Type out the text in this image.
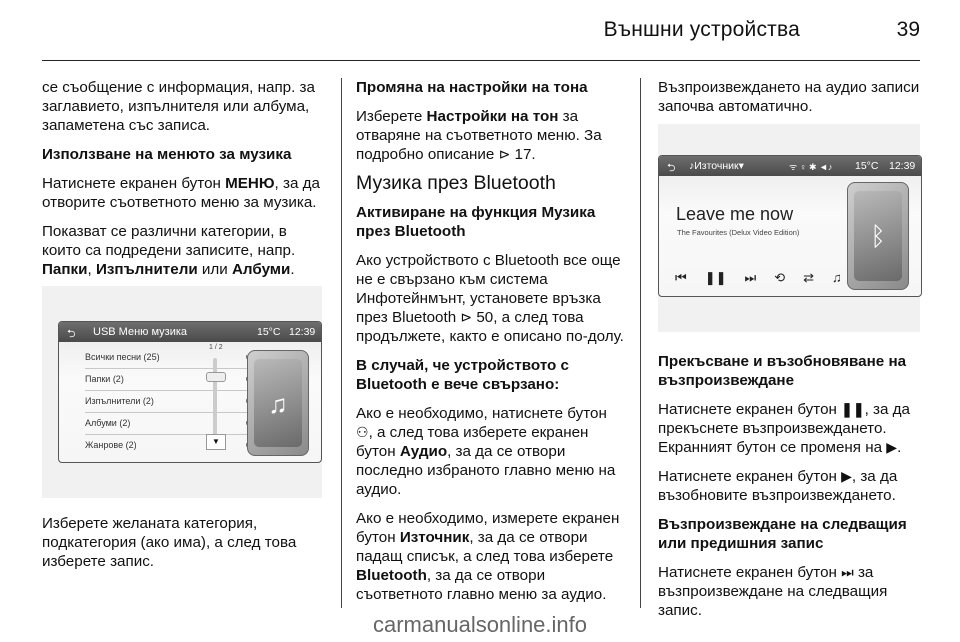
Външни устройства	39

се съобщение с информация, напр. за заглавието, изпълнителя или албума, запаметена със записа.

Използване на менюто за музика

Натиснете екранен бутон МЕНЮ, за да отворите съответното меню за музика.

Показват се различни категории, в които са подредени записите, напр. Папки, Изпълнители или Албуми.

⮌ USB Меню музика	15°C 12:39
1 / 2
Всички песни (25)
Папки (2)
Изпълнители (2)
Албуми (2)
Жанрове (2)	▼
♫

Изберете желаната категория, подкатегория (ако има), а след това изберете запис.

Промяна на настройки на тона

Изберете Настройки на тон за отваряне на съответното меню. За подробно описание ⊳ 17.

Музика през Bluetooth

Активиране на функция Музика през Bluetooth

Ако устройството с Bluetooth все още не е свързано към системa Инфотейнмънт, установете връзка през Bluetooth ⊳ 50, а след това продължете, както е описано по-долу.

В случай, че устройството с Bluetooth е вече свързано:

Ако е необходимо, натиснете бутон ⚇, а след това изберете екранен бутон Аудио, за да се отвори последно избраното главно меню на аудио.

Ако е необходимо, измерете екранен бутон Източник, за да се отвори падащ списък, а след това изберете Bluetooth, за да се отвори съответното главно меню за аудио.

Възпроизвеждането на аудио записи започва автоматично.

⮌ ♪Източник▾	ᯤ ♀ ✱ ◄♪ 15°C 12:39
Leave me now
The Favourites (Delux Video Edition)
⏮ ❚❚ ⏭ ⟲ ⇄ ♫
ᛒ

Прекъсване и възобновяване на възпроизвеждане

Натиснете екранен бутон ❚❚, за да прекъснете възпроизвеждането. Екранният бутон се променя на ▶.

Натиснете екранен бутон ▶, за да възобновите възпроизвеждането.

Възпроизвеждане на следващия или предишния запис

Натиснете екранен бутон ⏭ за възпроизвеждане на следващия запис.

carmanualsonline.info
